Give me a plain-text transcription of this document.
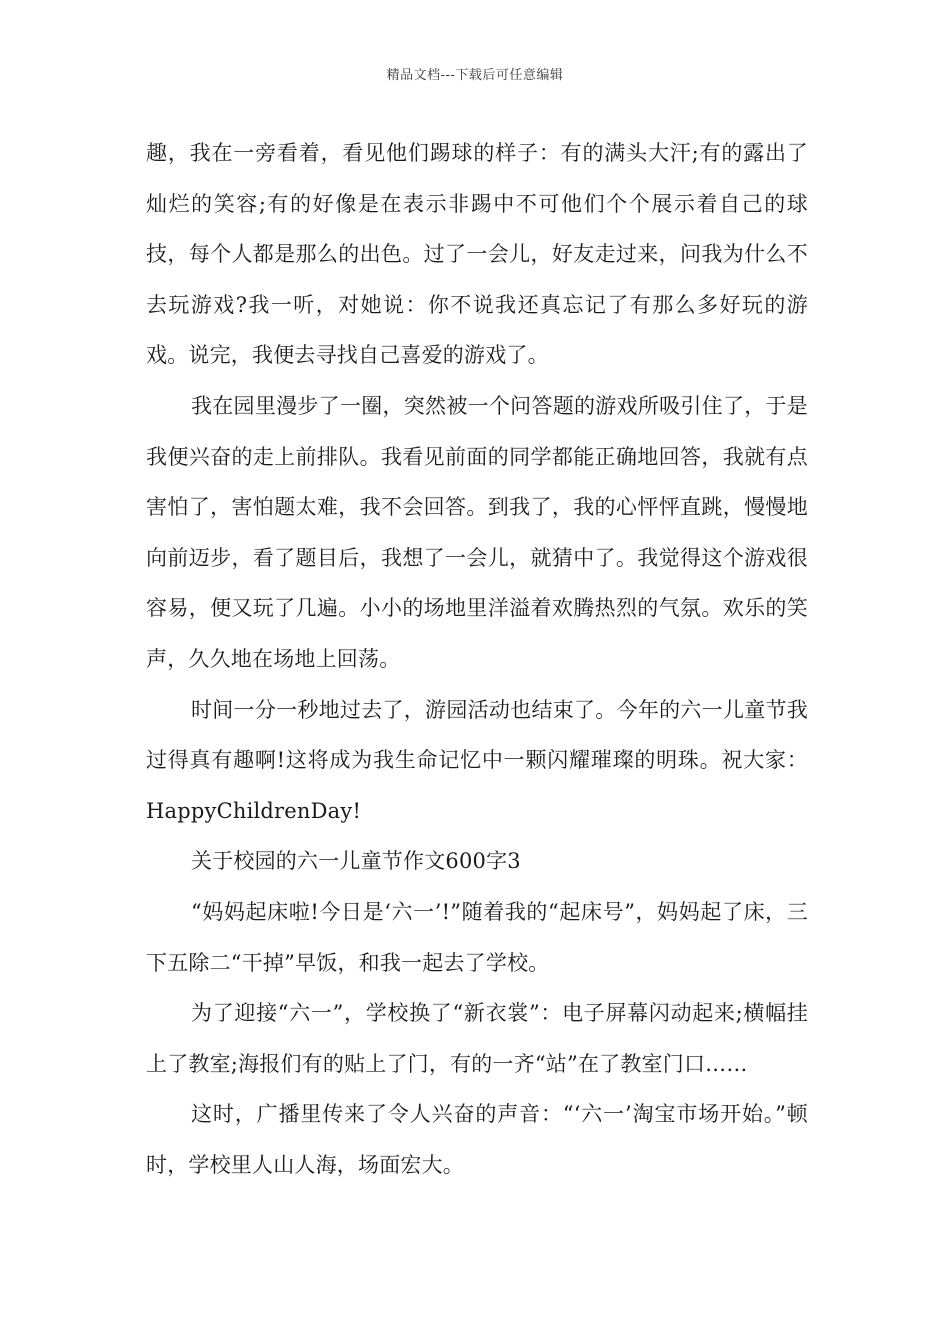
精品文档---下载后可任意编辑

趣，我在一旁看着，看见他们踢球的样子：有的满头大汗;有的露出了灿烂的笑容;有的好像是在表示非踢中不可他们个个展示着自己的球技，每个人都是那么的出色。过了一会儿，好友走过来，问我为什么不去玩游戏?我一听，对她说：你不说我还真忘记了有那么多好玩的游戏。说完，我便去寻找自己喜爱的游戏了。

我在园里漫步了一圈，突然被一个问答题的游戏所吸引住了，于是我便兴奋的走上前排队。我看见前面的同学都能正确地回答，我就有点害怕了，害怕题太难，我不会回答。到我了，我的心怦怦直跳，慢慢地向前迈步，看了题目后，我想了一会儿，就猜中了。我觉得这个游戏很容易，便又玩了几遍。小小的场地里洋溢着欢腾热烈的气氛。欢乐的笑声，久久地在场地上回荡。

时间一分一秒地过去了，游园活动也结束了。今年的六一儿童节我过得真有趣啊!这将成为我生命记忆中一颗闪耀璀璨的明珠。祝大家：HappyChildrenDay!

关于校园的六一儿童节作文600字3

“妈妈起床啦!今日是‘六一’!”随着我的“起床号”，妈妈起了床，三下五除二“干掉”早饭，和我一起去了学校。

为了迎接“六一”，学校换了“新衣裳”：电子屏幕闪动起来;横幅挂上了教室;海报们有的贴上了门，有的一齐“站”在了教室门口……

这时，广播里传来了令人兴奋的声音：“‘六一’淘宝市场开始。”顿时，学校里人山人海，场面宏大。
